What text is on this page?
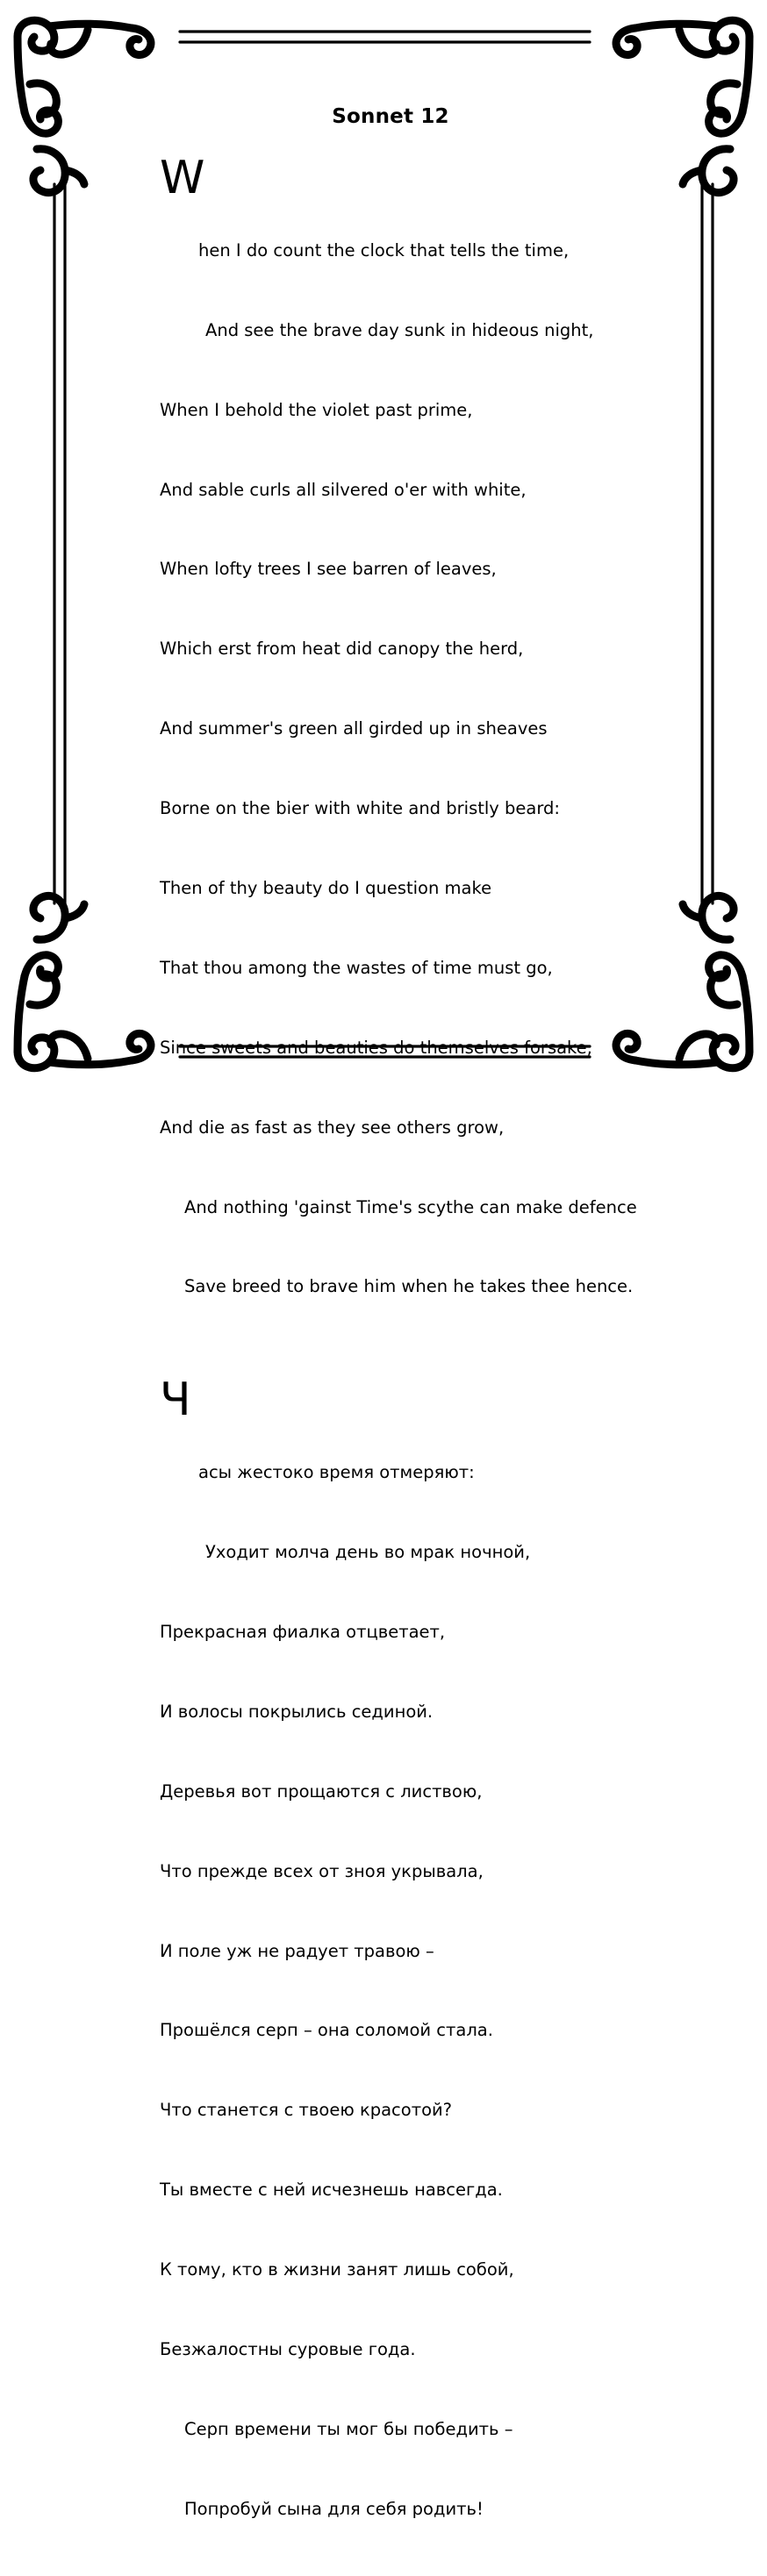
Sonnet 12

W

hen I do count the clock that tells the time,

And see the brave day sunk in hideous night,

When I behold the violet past prime,

And sable curls all silvered o'er with white,

When lofty trees I see barren of leaves,

Which erst from heat did canopy the herd,

And summer's green all girded up in sheaves

Borne on the bier with white and bristly beard:

Then of thy beauty do I question make

That thou among the wastes of time must go,

Since sweets and beauties do themselves forsake,

And die as fast as they see others grow,

And nothing 'gainst Time's scythe can make defence

Save breed to brave him when he takes thee hence.

Ч

асы жестоко время отмеряют:

Уходит молча день во мрак ночной,

Прекрасная фиалка отцветает,

И волосы покрылись сединой.

Деревья вот прощаются с листвою,

Что прежде всех от зноя укрывала,

И поле уж не радует травою –

Прошёлся серп – она соломой стала.

Что станется с твоею красотой?

Ты вместе с ней исчезнешь навсегда.

К тому, кто в жизни занят лишь собой,

Безжалостны суровые года.

Серп времени ты мог бы победить –

Попробуй сына для себя родить!
